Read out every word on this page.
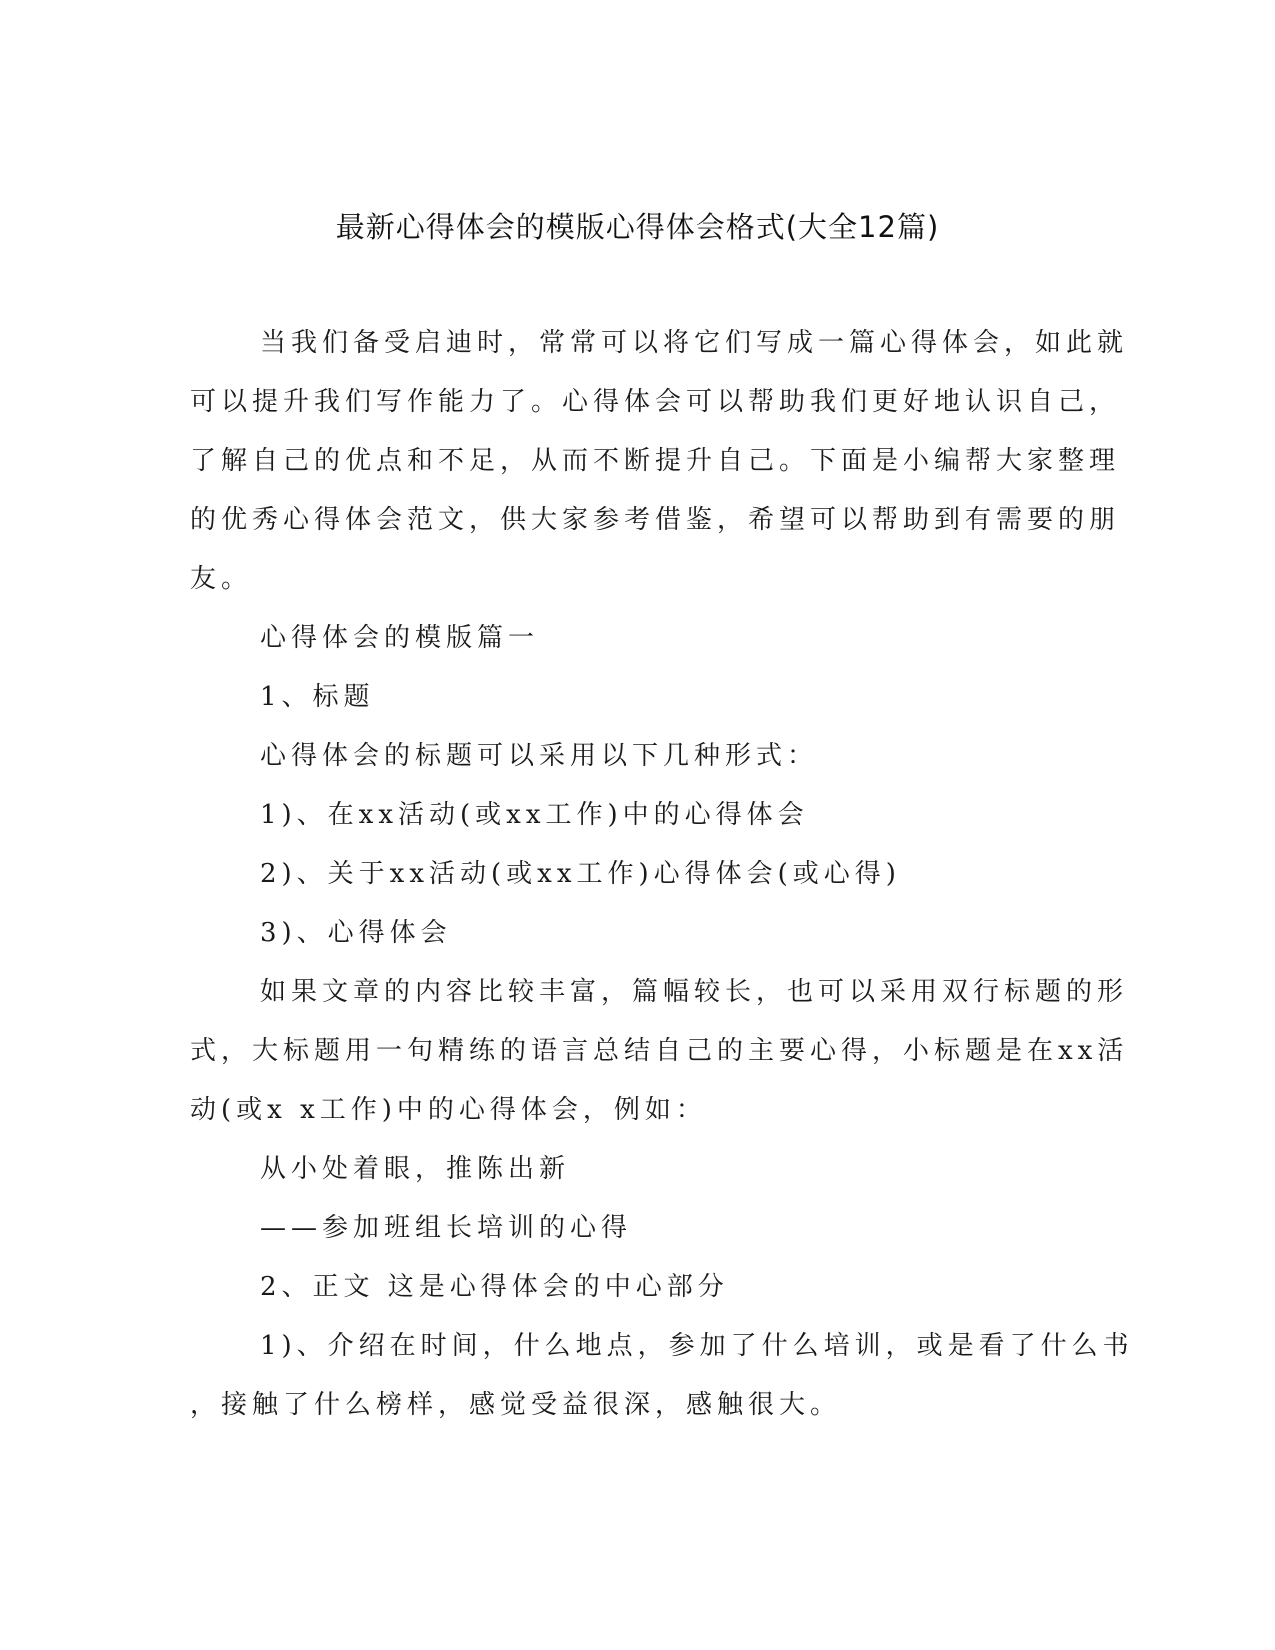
最新心得体会的模版心得体会格式(大全12篇)
当我们备受启迪时，常常可以将它们写成一篇心得体会，如此就
可以提升我们写作能力了。心得体会可以帮助我们更好地认识自己，
了解自己的优点和不足，从而不断提升自己。下面是小编帮大家整理
的优秀心得体会范文，供大家参考借鉴，希望可以帮助到有需要的朋
友。
心得体会的模版篇一
1、标题
心得体会的标题可以采用以下几种形式：
1)、在xx活动(或xx工作)中的心得体会
2)、关于xx活动(或xx工作)心得体会(或心得)
3)、心得体会
如果文章的内容比较丰富，篇幅较长，也可以采用双行标题的形
式，大标题用一句精练的语言总结自己的主要心得，小标题是在xx活
动(或x x工作)中的心得体会，例如：
从小处着眼，推陈出新
——参加班组长培训的心得
2、正文 这是心得体会的中心部分
1)、介绍在时间，什么地点，参加了什么培训，或是看了什么书
，接触了什么榜样，感觉受益很深，感触很大。
